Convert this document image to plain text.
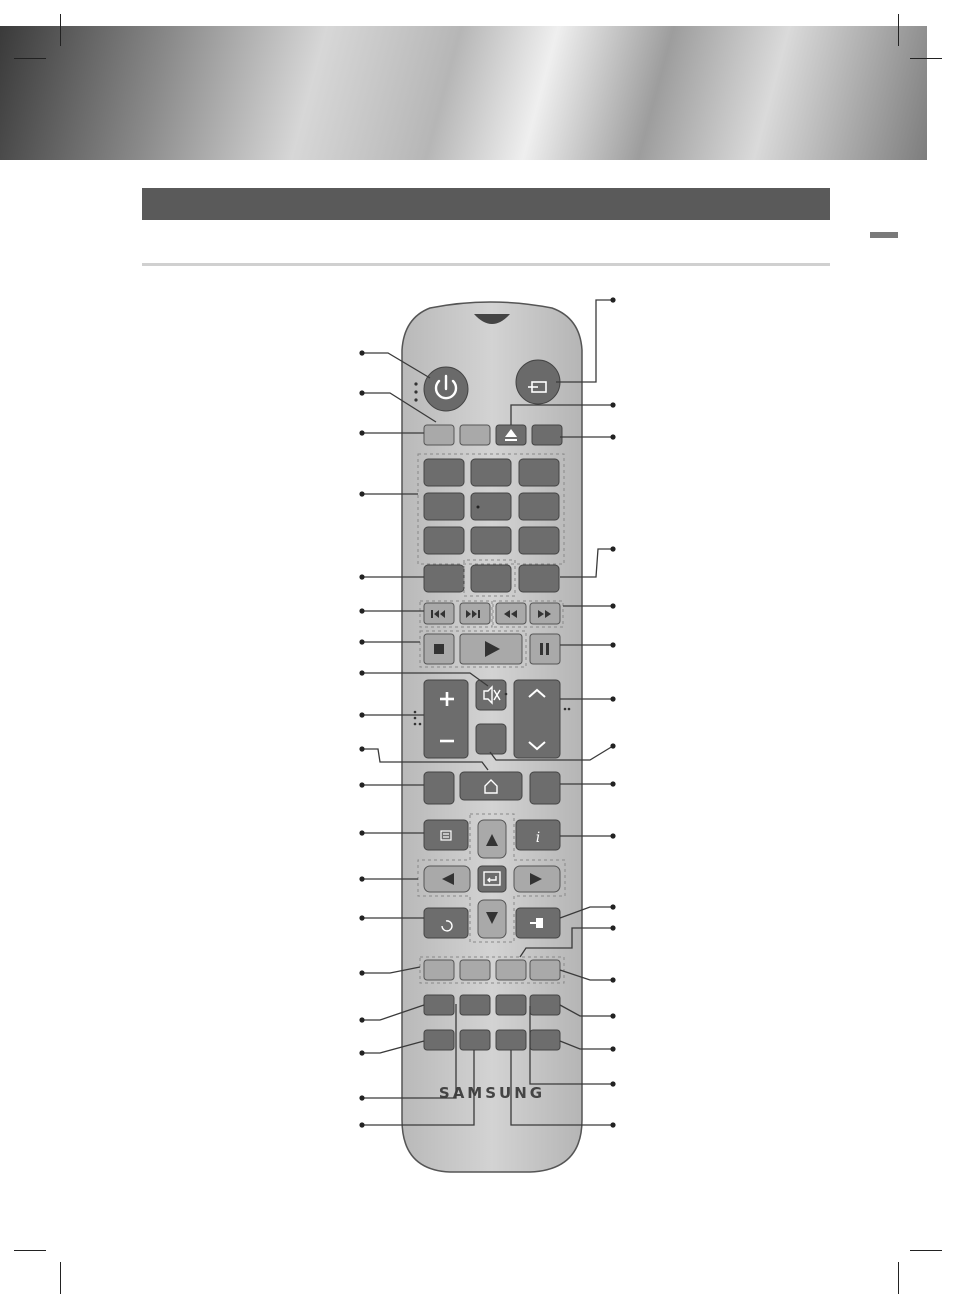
i
SAMSUNG
